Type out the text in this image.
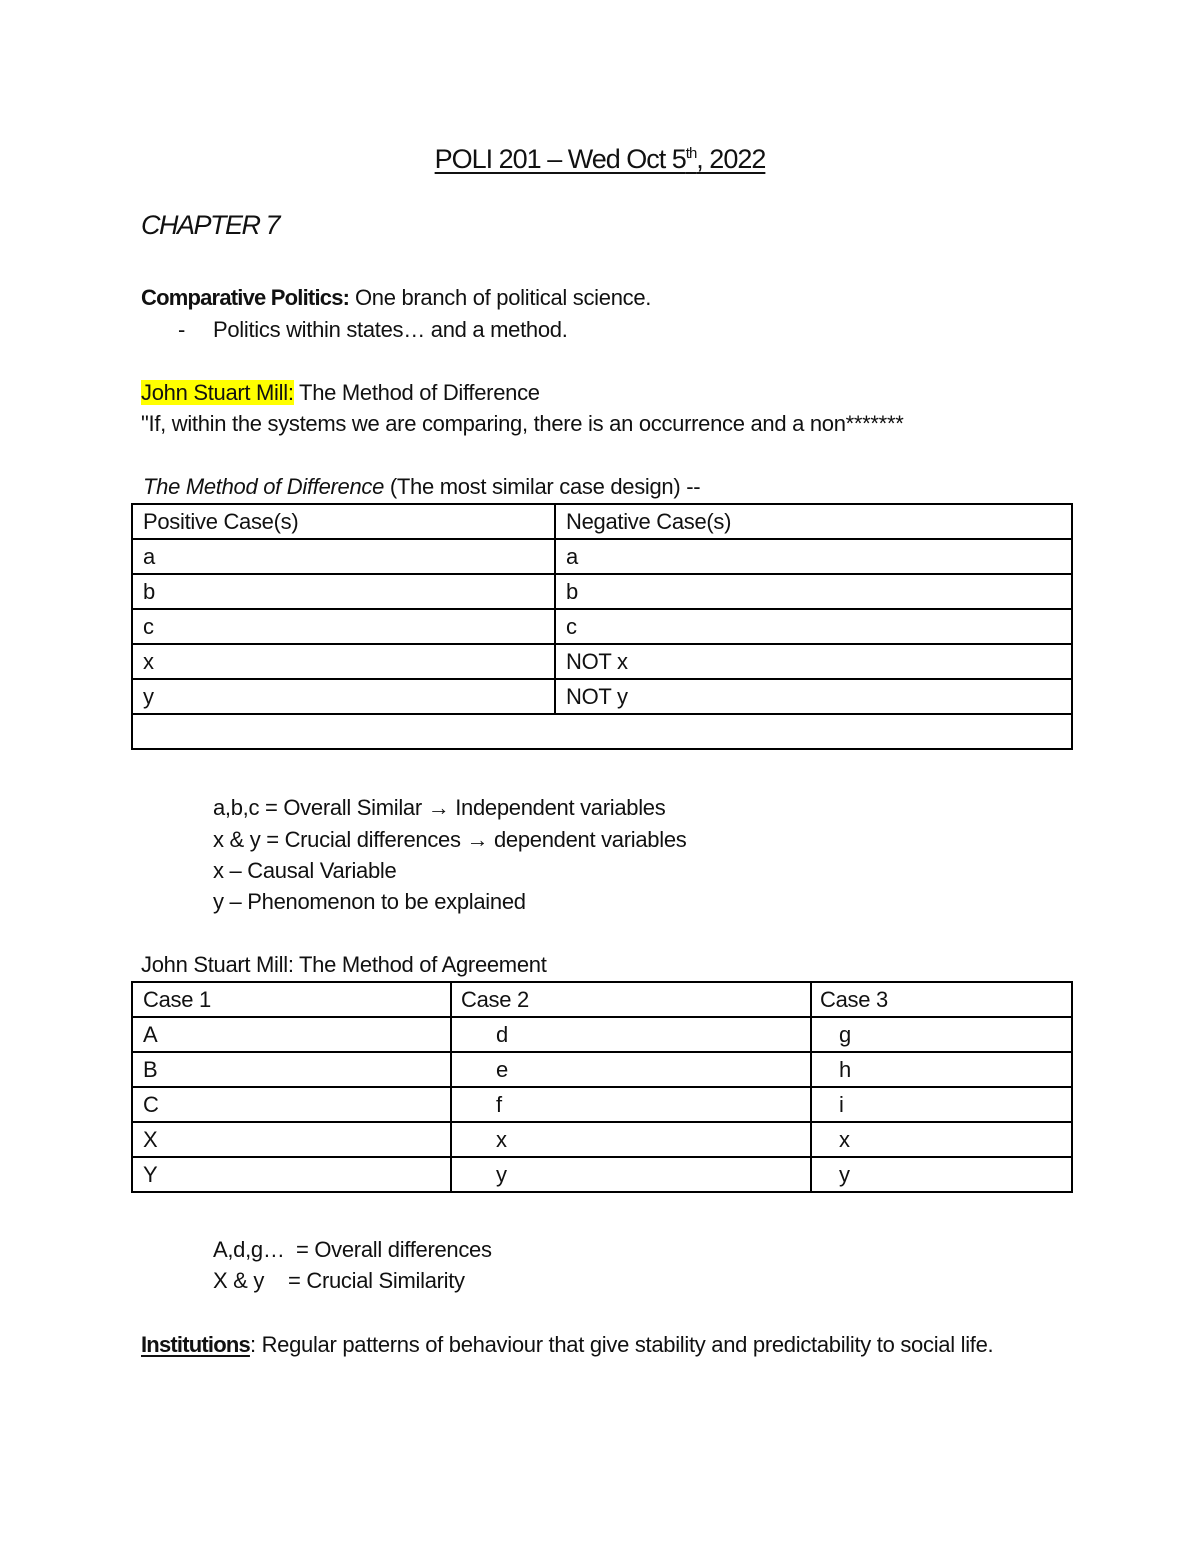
POLI 201 – Wed Oct 5th, 2022
CHAPTER 7
Comparative Politics: One branch of political science.
- Politics within states… and a method.
John Stuart Mill: The Method of Difference
"If, within the systems we are comparing, there is an occurrence and a non*******
The Method of Difference (The most similar case design) --
Positive Case(s)	Negative Case(s)
a	a
b	b
c	c
x	NOT x
y	NOT y

a,b,c = Overall Similar → Independent variables
x & y = Crucial differences → dependent variables
x – Causal Variable
y – Phenomenon to be explained
John Stuart Mill: The Method of Agreement
Case 1	Case 2	Case 3
A	d	g
B	e	h
C	f	i
X	x	x
Y	y	y
A,d,g… = Overall differences
X & y = Crucial Similarity
Institutions: Regular patterns of behaviour that give stability and predictability to social life.
